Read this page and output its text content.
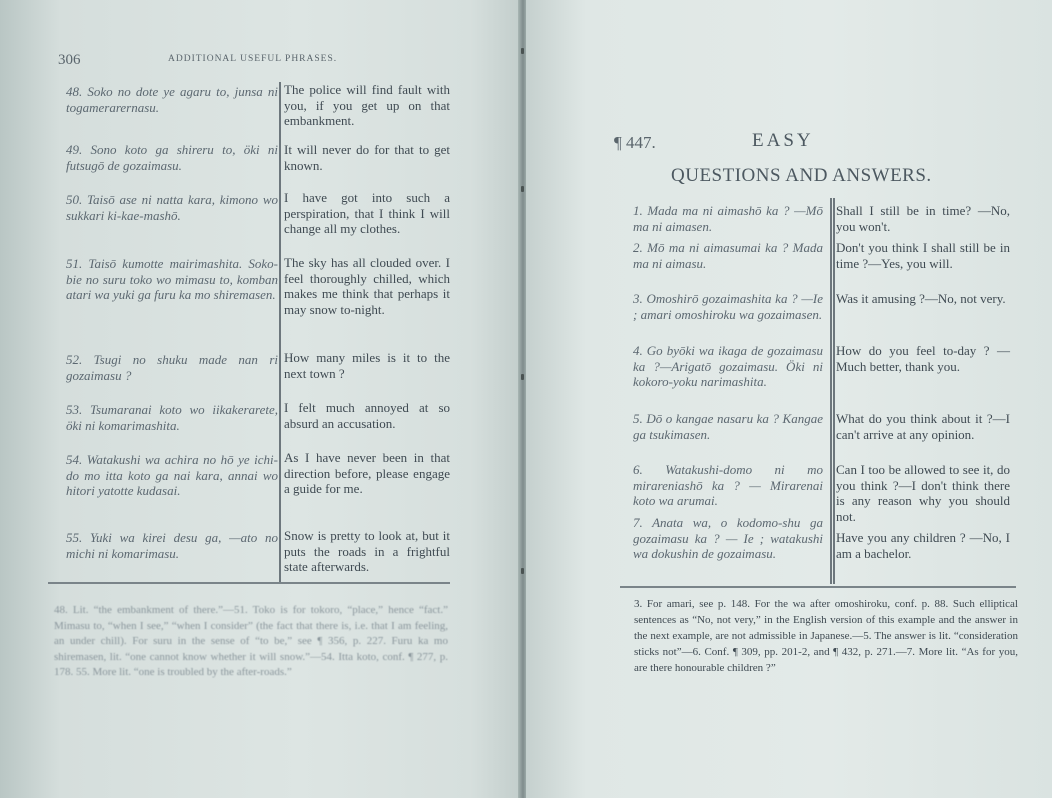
306	ADDITIONAL USEFUL PHRASES.
48. Soko no dote ye agaru to, junsa ni togamerarernasu.
The police will find fault with you, if you get up on that embankment.
49. Sono koto ga shireru to, öki ni futsugō de gozaimasu.
It will never do for that to get known.
50. Taisō ase ni natta kara, kimono wo sukkari ki-kae-mashō.
I have got into such a perspiration, that I think I will change all my clothes.
51. Taisō kumotte mairimashita. Soko-bie no suru toko wo mimasu to, komban atari wa yuki ga furu ka mo shiremasen.
The sky has all clouded over. I feel thoroughly chilled, which makes me think that perhaps it may snow to-night.
52. Tsugi no shuku made nan ri gozaimasu ?
How many miles is it to the next town ?
53. Tsumaranai koto wo iikakerarete, öki ni komarimashita.
I felt much annoyed at so absurd an accusation.
54. Watakushi wa achira no hō ye ichi-do mo itta koto ga nai kara, annai wo hitori yatotte kudasai.
As I have never been in that direction before, please engage a guide for me.
55. Yuki wa kirei desu ga, —ato no michi ni komarimasu.
Snow is pretty to look at, but it puts the roads in a frightful state afterwards.
48. Lit. “the embankment of there.”—51. Toko is for tokoro, “place,” hence “fact.” Mimasu to, “when I see,” “when I consider” (the fact that there is, i.e. that I am feeling, an under chill). For suru in the sense of “to be,” see ¶ 356, p. 227. Furu ka mo shiremasen, lit. “one cannot know whether it will snow.”—54. Itta koto, conf. ¶ 277, p. 178. 55. More lit. “one is troubled by the after-roads.”
¶ 447.	EASY
QUESTIONS AND ANSWERS.
1. Mada ma ni aimashō ka ? —Mō ma ni aimasen.
Shall I still be in time? —No, you won't.
2. Mō ma ni aimasumai ka ? Mada ma ni aimasu.
Don't you think I shall still be in time ?—Yes, you will.
3. Omoshirō gozaimashita ka ? —Ie ; amari omoshiroku wa gozaimasen.
Was it amusing ?—No, not very.
4. Go byōki wa ikaga de gozaimasu ka ?—Arigatō gozaimasu. Öki ni kokoro-yoku narimashita.
How do you feel to-day ? —Much better, thank you.
5. Dō o kangae nasaru ka ? Kangae ga tsukimasen.
What do you think about it ?—I can't arrive at any opinion.
6. Watakushi-domo ni mo mirareniashō ka ? — Mirarenai koto wa arumai.
Can I too be allowed to see it, do you think ?—I don't think there is any reason why you should not.
7. Anata wa, o kodomo-shu ga gozaimasu ka ? — Ie ; watakushi wa dokushin de gozaimasu.
Have you any children ? —No, I am a bachelor.
3. For amari, see p. 148. For the wa after omoshiroku, conf. p. 88. Such elliptical sentences as “No, not very,” in the English version of this example and the answer in the next example, are not admissible in Japanese.—5. The answer is lit. “consideration sticks not”—6. Conf. ¶ 309, pp. 201-2, and ¶ 432, p. 271.—7. More lit. “As for you, are there honourable children ?”
